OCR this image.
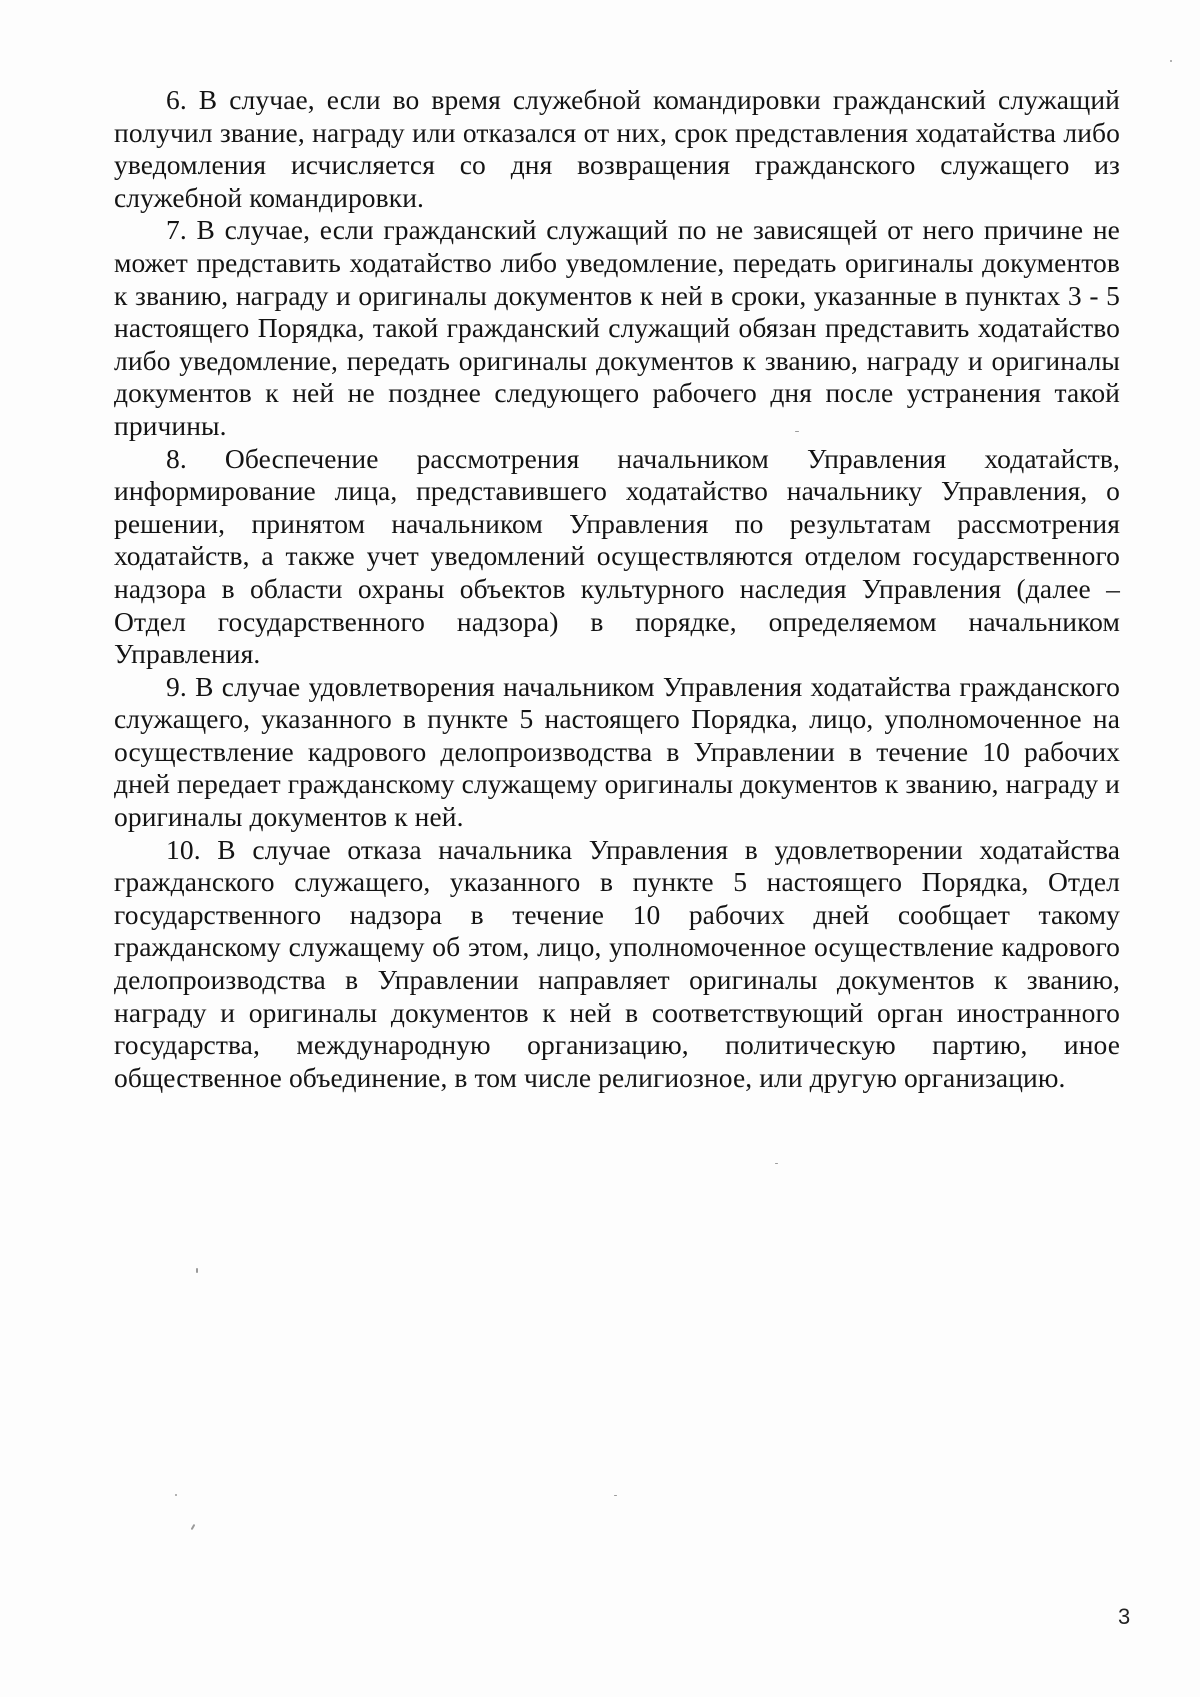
6. В случае, если во время служебной командировки гражданский служащий получил звание, награду или отказался от них, срок представления ходатайства либо уведомления исчисляется со дня возвращения гражданского служащего из служебной командировки.

7. В случае, если гражданский служащий по не зависящей от него причине не может представить ходатайство либо уведомление, передать оригиналы документов к званию, награду и оригиналы документов к ней в сроки, указанные в пунктах 3 - 5 настоящего Порядка, такой гражданский служащий обязан представить ходатайство либо уведомление, передать оригиналы документов к званию, награду и оригиналы документов к ней не позднее следующего рабочего дня после устранения такой причины.

8. Обеспечение рассмотрения начальником Управления ходатайств, информирование лица, представившего ходатайство начальнику Управления, о решении, принятом начальником Управления по результатам рассмотрения ходатайств, а также учет уведомлений осуществляются отделом государственного надзора в области охраны объектов культурного наследия Управления (далее – Отдел государственного надзора) в порядке, определяемом начальником Управления.

9. В случае удовлетворения начальником Управления ходатайства гражданского служащего, указанного в пункте 5 настоящего Порядка, лицо, уполномоченное на осуществление кадрового делопроизводства в Управлении в течение 10 рабочих дней передает гражданскому служащему оригиналы документов к званию, награду и оригиналы документов к ней.

10. В случае отказа начальника Управления в удовлетворении ходатайства гражданского служащего, указанного в пункте 5 настоящего Порядка, Отдел государственного надзора в течение 10 рабочих дней сообщает такому гражданскому служащему об этом, лицо, уполномоченное осуществление кадрового делопроизводства в Управлении направляет оригиналы документов к званию, награду и оригиналы документов к ней в соответствующий орган иностранного государства, международную организацию, политическую партию, иное общественное объединение, в том числе религиозное, или другую организацию.

3
